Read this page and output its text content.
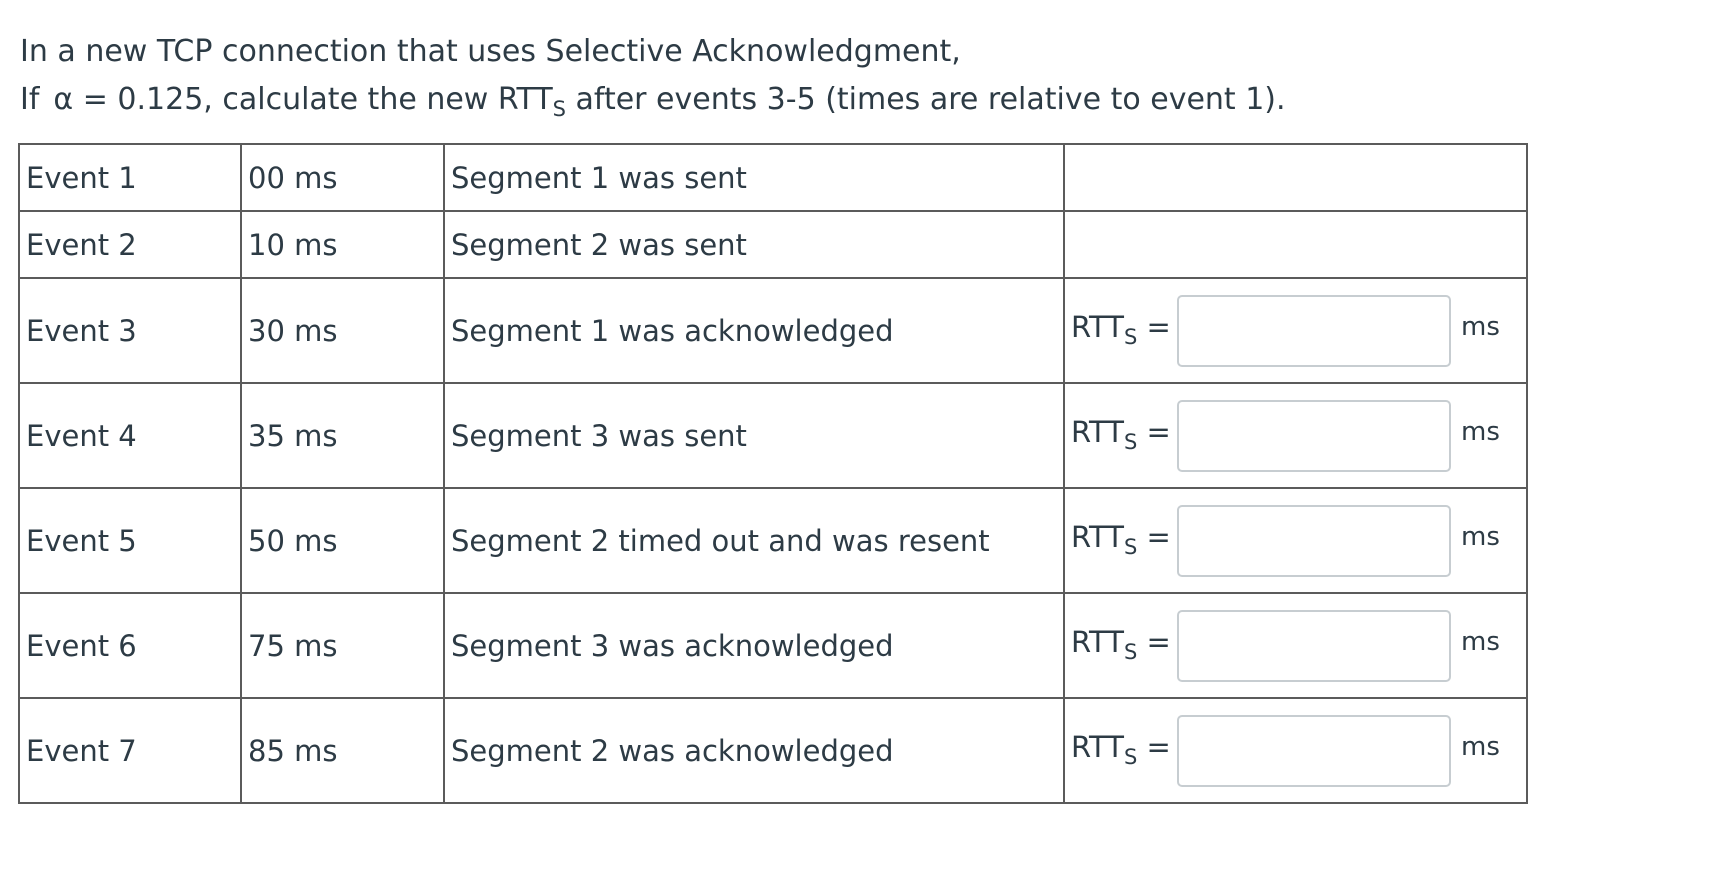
In a new TCP connection that uses Selective Acknowledgment,
If α = 0.125, calculate the new $RTT_S$ after events 3-5 (times are relative to event 1).
Event 1	00 ms	Segment 1 was sent	
Event 2	10 ms	Segment 2 was sent	
Event 3	30 ms	Segment 1 was acknowledged	$RTT_S$ = ms

Event 4	35 ms	Segment 3 was sent	$RTT_S$ = ms

Event 5	50 ms	Segment 2 timed out and was resent	$RTT_S$ = ms

Event 6	75 ms	Segment 3 was acknowledged	$RTT_S$ = ms

Event 7	85 ms	Segment 2 was acknowledged	$RTT_S$ = ms
